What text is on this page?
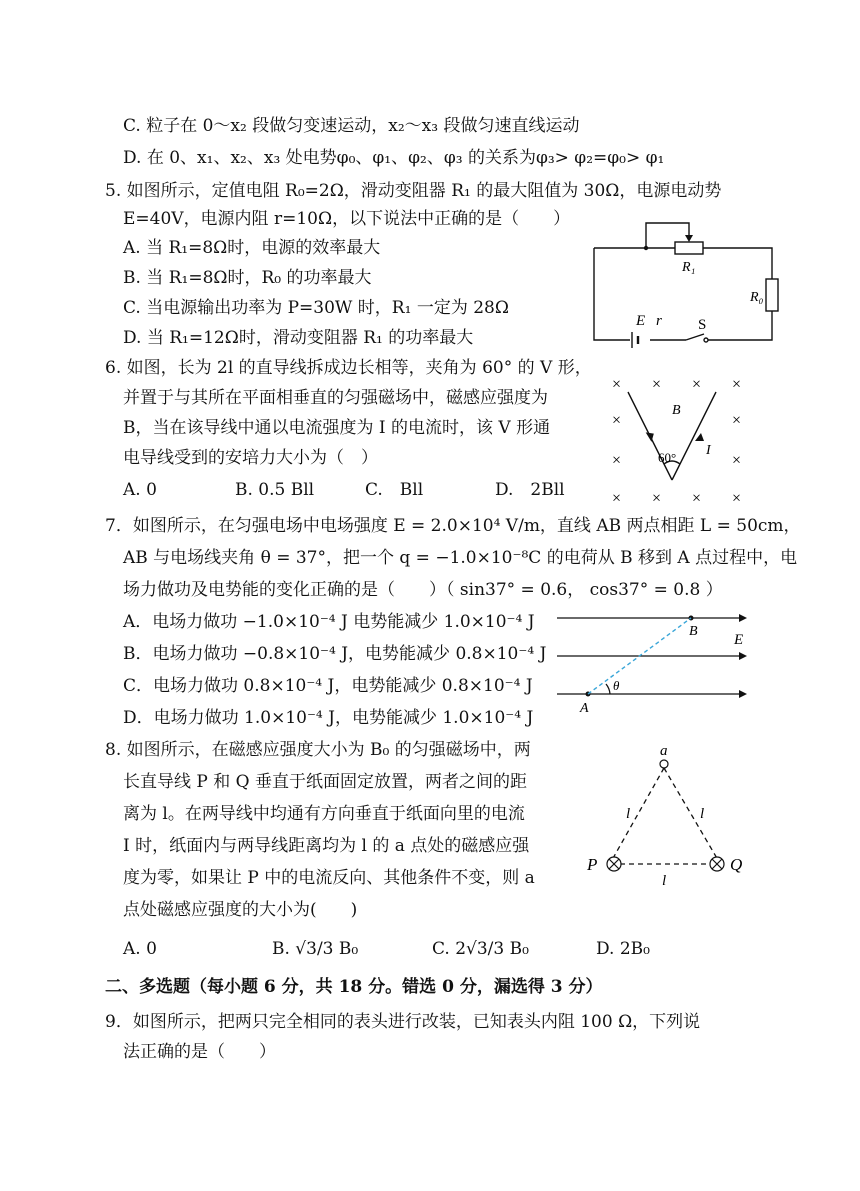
C. 粒子在 0～x₂ 段做匀变速运动，x₂～x₃ 段做匀速直线运动
D. 在 0、x₁、x₂、x₃ 处电势φ₀、φ₁、φ₂、φ₃ 的关系为φ₃> φ₂=φ₀> φ₁
5. 如图所示，定值电阻 R₀=2Ω，滑动变阻器 R₁ 的最大阻值为 30Ω，电源电动势
E=40V，电源内阻 r=10Ω，以下说法中正确的是（　　）
A. 当 R₁=8Ω时，电源的效率最大
B. 当 R₁=8Ω时，R₀ 的功率最大
C. 当电源输出功率为 P=30W 时，R₁ 一定为 28Ω
D. 当 R₁=12Ω时，滑动变阻器 R₁ 的功率最大
R₁
R₀
E r S
6. 如图，长为 2l 的直导线拆成边长相等，夹角为 60° 的 V 形，
并置于与其所在平面相垂直的匀强磁场中，磁感应强度为
B，当在该导线中通以电流强度为 I 的电流时，该 V 形通
电导线受到的安培力大小为（　）
A. 0	B. 0.5 Bll	C.　Bll	D.　2Bll
× × × ×
×	×
×	×
× × × ×
B
60° I
7．如图所示，在匀强电场中电场强度 E = 2.0×10⁴ V/m，直线 AB 两点相距 L = 50cm，
AB 与电场线夹角 θ = 37°，把一个 q = −1.0×10⁻⁸C 的电荷从 B 移到 A 点过程中，电
场力做功及电势能的变化正确的是（　　）（ sin37° = 0.6， cos37° = 0.8 ）
A．电场力做功 −1.0×10⁻⁴ J 电势能减少 1.0×10⁻⁴ J
B．电场力做功 −0.8×10⁻⁴ J，电势能减少 0.8×10⁻⁴ J
C．电场力做功 0.8×10⁻⁴ J，电势能减少 0.8×10⁻⁴ J
D．电场力做功 1.0×10⁻⁴ J，电势能减少 1.0×10⁻⁴ J	A
B
E
θ
8. 如图所示，在磁感应强度大小为 B₀ 的匀强磁场中，两
长直导线 P 和 Q 垂直于纸面固定放置，两者之间的距
离为 l。在两导线中均通有方向垂直于纸面向里的电流
I 时，纸面内与两导线距离均为 l 的 a 点处的磁感应强
度为零，如果让 P 中的电流反向、其他条件不变，则 a
点处磁感应强度的大小为(　　)
A. 0	B. √3/3 B₀	C. 2√3/3 B₀	D. 2B₀
a
l	l
l
P	Q
二、多选题（每小题 6 分，共 18 分。错选 0 分，漏选得 3 分）
9．如图所示，把两只完全相同的表头进行改装，已知表头内阻 100 Ω，下列说
法正确的是（　　）
